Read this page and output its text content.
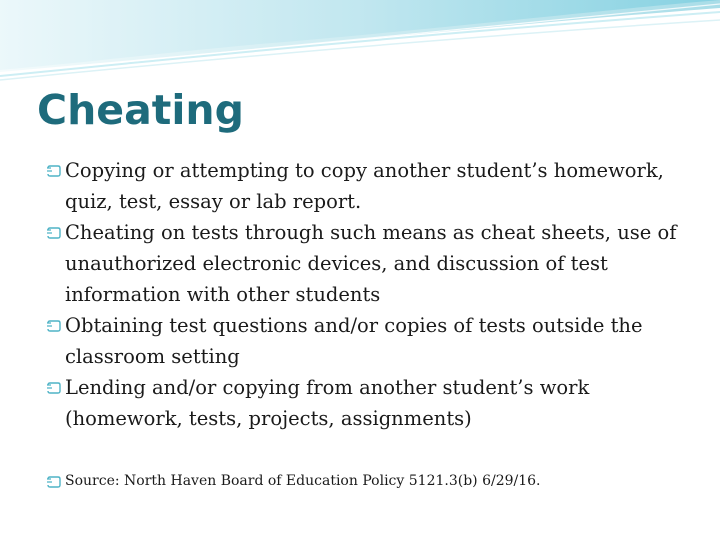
Cheating
Copying or attempting to copy another student’s homework, quiz, test, essay or lab report.
Cheating on tests through such means as cheat sheets, use of unauthorized electronic devices, and discussion of test information with other students
Obtaining test questions and/or copies of tests outside the classroom setting
Lending and/or copying from another student’s work (homework, tests, projects, assignments)
Source: North Haven Board of Education Policy 5121.3(b) 6/29/16.
